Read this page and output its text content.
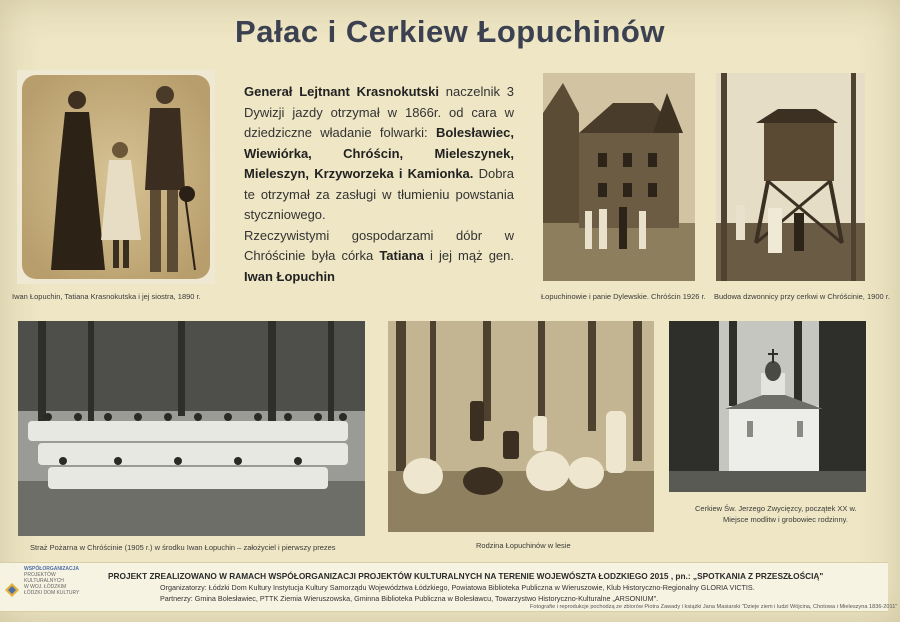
Pałac i Cerkiew Łopuchinów
Iwan Łopuchin, Tatiana Krasnokutska i jej siostra, 1890 r.

Generał Lejtnant Krasnokutski naczelnik 3 Dywizji jazdy otrzymał w 1866r. od cara w dziedziczne władanie folwarki: Bolesławiec, Wiewiórka, Chróścin, Mieleszynek, Mieleszyn, Krzyworzeka i Kamionka. Dobra te otrzymał za zasługi w tłumieniu powstania styczniowego.

Rzeczywistymi gospodarzami dóbr w Chróścinie była córka Tatiana i jej mąż gen. Iwan Łopuchin

Łopuchinowie i panie Dylewskie. Chróścin 1926 r. Budowa dzwonnicy przy cerkwi w Chróścinie, 1900 r.
Straż Pożarna w Chróścinie (1905 r.) w środku Iwan Łopuchin – założyciel i pierwszy prezes	Rodzina Łopuchinów w lesie
Cerkiew Św. Jerzego Zwycięzcy, początek XX w.
Miejsce modlitw i grobowiec rodzinny.
WSPÓŁORGANIZACJA
PROJEKTÓW KULTURALNYCH
W WOJ. ŁÓDZKIM
ŁÓDZKI DOM KULTURY
PROJEKT ZREALIZOWANO W RAMACH WSPÓŁORGANIZACJI PROJEKTÓW KULTURALNYCH NA TERENIE WOJEWÓSZTA ŁODZKIEGO 2015 , pn.: „SPOTKANIA Z PRZESZŁOŚCIĄ"
Organizatorzy: Łódzki Dom Kultury Instytucja Kultury Samorządu Województwa Łódzkiego, Powiatowa Biblioteka Publiczna w Wieruszowie, Klub Historyczno-Regionalny GLORIA VICTIS.
Partnerzy: Gmina Bolesławiec, PTTK Ziemia Wieruszowska, Gminna Biblioteka Publiczna w Bolesławcu, Towarzystwo Historyczno-Kulturalne „ARSONIUM".
Fotografie i reprodukcje pochodzą ze zbiorów Piotra Zawady i książki Jana Masiarski "Dzieje ziem i ludzi Wójcina, Chotowa i Mieleszyna 1836-2011"
